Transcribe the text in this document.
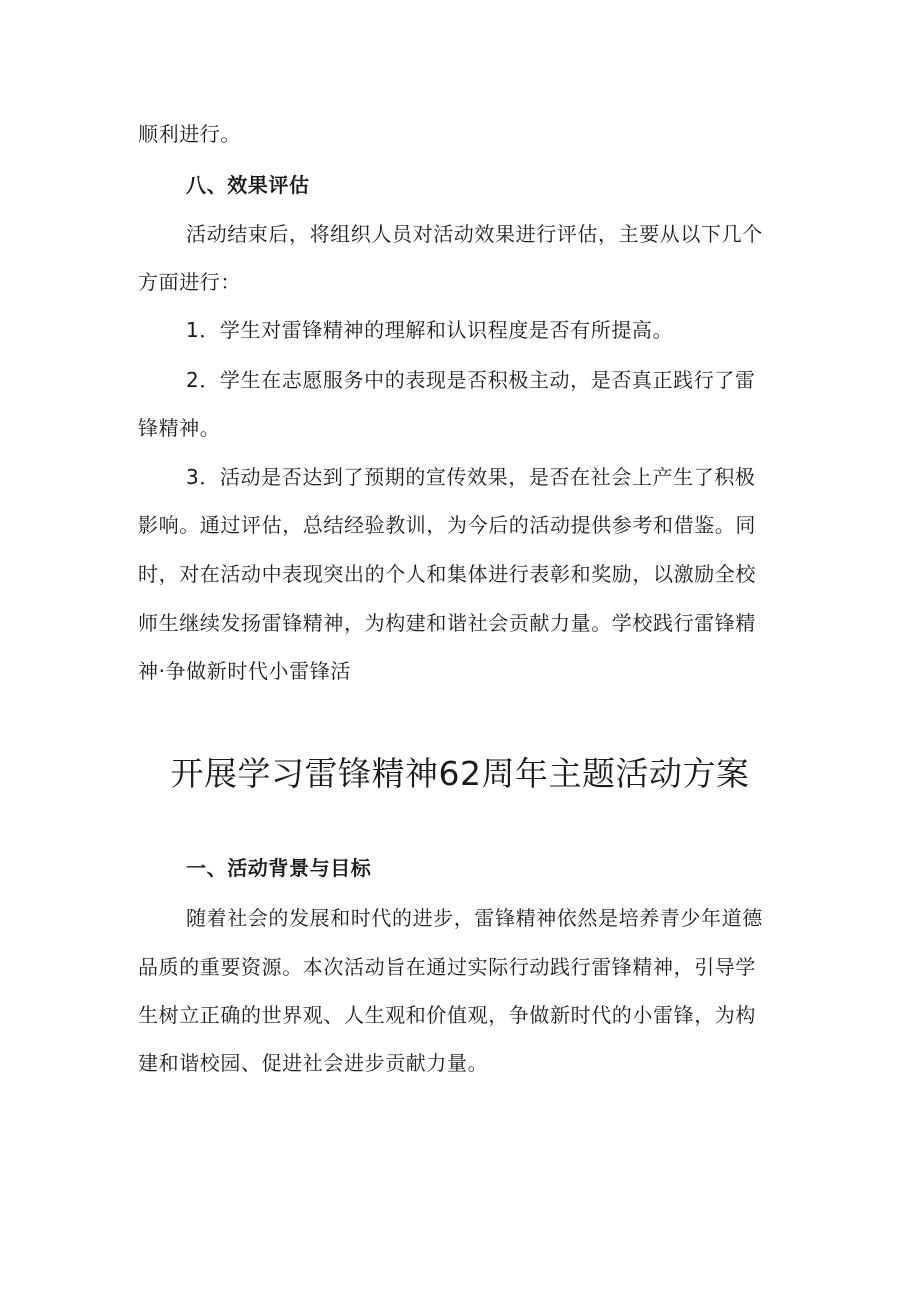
顺利进行。
八、效果评估
活动结束后，将组织人员对活动效果进行评估，主要从以下几个
方面进行：
1．学生对雷锋精神的理解和认识程度是否有所提高。
2．学生在志愿服务中的表现是否积极主动，是否真正践行了雷
锋精神。
3．活动是否达到了预期的宣传效果，是否在社会上产生了积极
影响。通过评估，总结经验教训，为今后的活动提供参考和借鉴。同
时，对在活动中表现突出的个人和集体进行表彰和奖励，以激励全校
师生继续发扬雷锋精神，为构建和谐社会贡献力量。学校践行雷锋精
神·争做新时代小雷锋活
开展学习雷锋精神62周年主题活动方案
一、活动背景与目标
随着社会的发展和时代的进步，雷锋精神依然是培养青少年道德
品质的重要资源。本次活动旨在通过实际行动践行雷锋精神，引导学
生树立正确的世界观、人生观和价值观，争做新时代的小雷锋，为构
建和谐校园、促进社会进步贡献力量。
